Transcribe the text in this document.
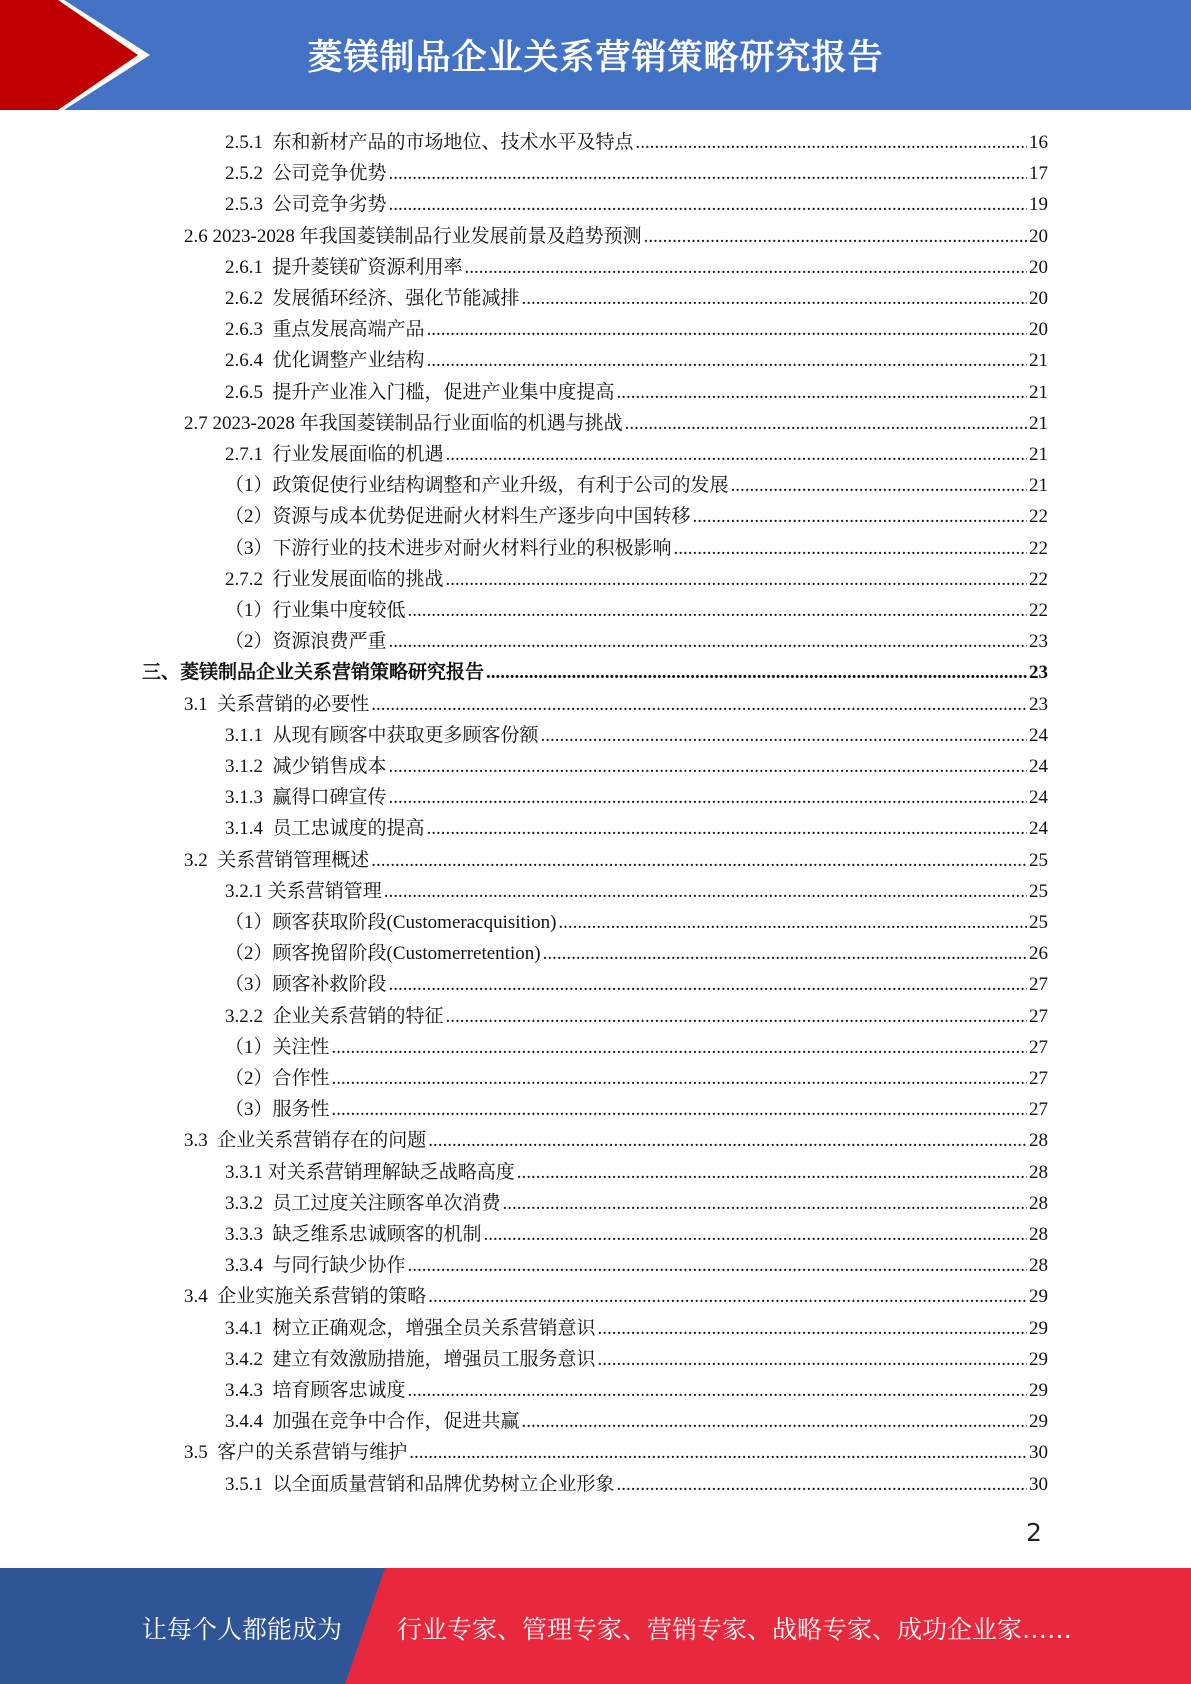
菱镁制品企业关系营销策略研究报告
2.5.1  东和新材产品的市场地位、技术水平及特点 .....	16
2.5.2  公司竞争优势 .....	17
2.5.3  公司竞争劣势 .....	19
2.6 2023-2028 年我国菱镁制品行业发展前景及趋势预测 .....	20
2.6.1  提升菱镁矿资源利用率 .....	20
2.6.2  发展循环经济、强化节能减排 .....	20
2.6.3  重点发展高端产品 .....	20
2.6.4  优化调整产业结构 .....	21
2.6.5  提升产业准入门槛，促进产业集中度提高 .....	21
2.7 2023-2028 年我国菱镁制品行业面临的机遇与挑战 .....	21
2.7.1  行业发展面临的机遇 .....	21
（1）政策促使行业结构调整和产业升级，有利于公司的发展 .....	21
（2）资源与成本优势促进耐火材料生产逐步向中国转移 .....	22
（3）下游行业的技术进步对耐火材料行业的积极影响 .....	22
2.7.2  行业发展面临的挑战 .....	22
（1）行业集中度较低 .....	22
（2）资源浪费严重 .....	23
三、菱镁制品企业关系营销策略研究报告 .....	23
3.1  关系营销的必要性 .....	23
3.1.1  从现有顾客中获取更多顾客份额 .....	24
3.1.2  减少销售成本 .....	24
3.1.3  赢得口碑宣传 .....	24
3.1.4  员工忠诚度的提高 .....	24
3.2  关系营销管理概述 .....	25
3.2.1 关系营销管理 .....	25
（1）顾客获取阶段(Customeracquisition) .....	25
（2）顾客挽留阶段(Customerretention) .....	26
（3）顾客补救阶段 .....	27
3.2.2  企业关系营销的特征 .....	27
（1）关注性 .....	27
（2）合作性 .....	27
（3）服务性 .....	27
3.3  企业关系营销存在的问题 .....	28
3.3.1 对关系营销理解缺乏战略高度 .....	28
3.3.2  员工过度关注顾客单次消费 .....	28
3.3.3  缺乏维系忠诚顾客的机制 .....	28
3.3.4  与同行缺少协作 .....	28
3.4  企业实施关系营销的策略 .....	29
3.4.1  树立正确观念，增强全员关系营销意识 .....	29
3.4.2  建立有效激励措施，增强员工服务意识 .....	29
3.4.3  培育顾客忠诚度 .....	29
3.4.4  加强在竞争中合作，促进共赢 .....	29
3.5  客户的关系营销与维护 .....	30
3.5.1  以全面质量营销和品牌优势树立企业形象 .....	30
2
让每个人都能成为 行业专家、管理专家、营销专家、战略专家、成功企业家……
